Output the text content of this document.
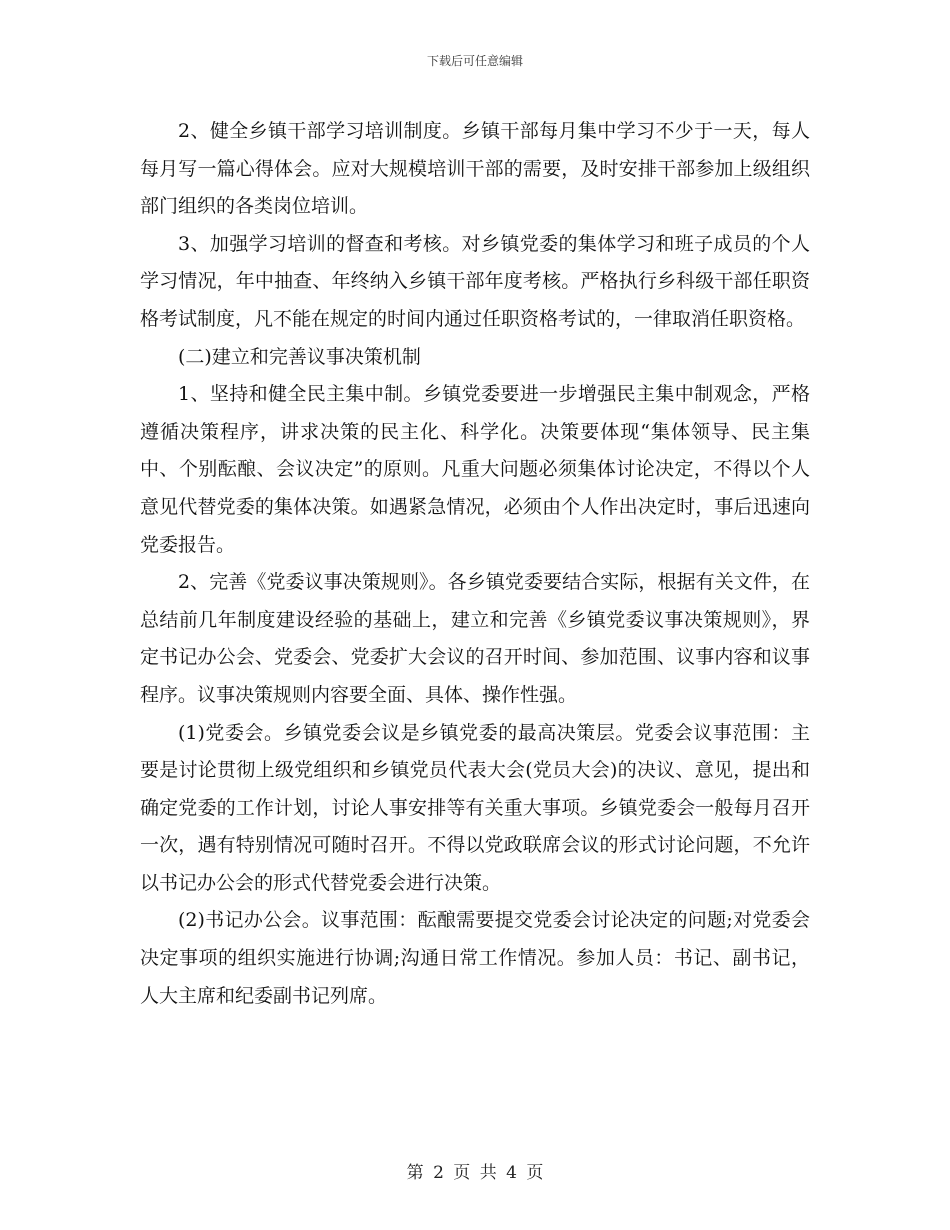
下载后可任意编辑

2、健全乡镇干部学习培训制度。乡镇干部每月集中学习不少于一天，每人每月写一篇心得体会。应对大规模培训干部的需要，及时安排干部参加上级组织部门组织的各类岗位培训。

3、加强学习培训的督查和考核。对乡镇党委的集体学习和班子成员的个人学习情况，年中抽查、年终纳入乡镇干部年度考核。严格执行乡科级干部任职资格考试制度，凡不能在规定的时间内通过任职资格考试的，一律取消任职资格。

(二)建立和完善议事决策机制

1、坚持和健全民主集中制。乡镇党委要进一步增强民主集中制观念，严格遵循决策程序，讲求决策的民主化、科学化。决策要体现“集体领导、民主集中、个别酝酿、会议决定”的原则。凡重大问题必须集体讨论决定，不得以个人意见代替党委的集体决策。如遇紧急情况，必须由个人作出决定时，事后迅速向党委报告。

2、完善《党委议事决策规则》。各乡镇党委要结合实际，根据有关文件，在总结前几年制度建设经验的基础上，建立和完善《乡镇党委议事决策规则》，界定书记办公会、党委会、党委扩大会议的召开时间、参加范围、议事内容和议事程序。议事决策规则内容要全面、具体、操作性强。

(1)党委会。乡镇党委会议是乡镇党委的最高决策层。党委会议事范围：主要是讨论贯彻上级党组织和乡镇党员代表大会(党员大会)的决议、意见，提出和确定党委的工作计划，讨论人事安排等有关重大事项。乡镇党委会一般每月召开一次，遇有特别情况可随时召开。不得以党政联席会议的形式讨论问题，不允许以书记办公会的形式代替党委会进行决策。

(2)书记办公会。议事范围：酝酿需要提交党委会讨论决定的问题;对党委会决定事项的组织实施进行协调;沟通日常工作情况。参加人员：书记、副书记，人大主席和纪委副书记列席。

第 2 页 共 4 页
